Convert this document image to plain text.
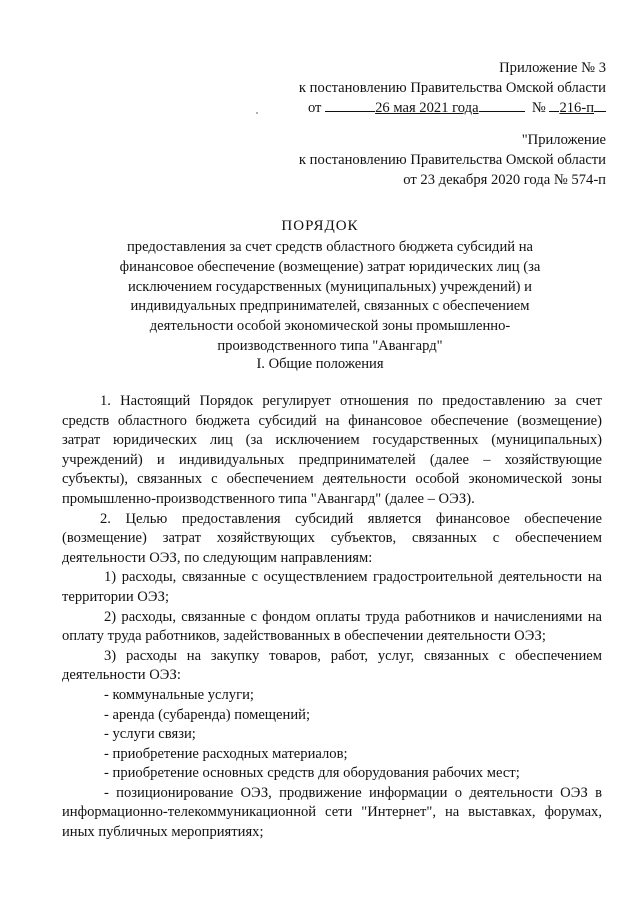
Приложение № 3
к постановлению Правительства Омской области
от	26 мая 2021 года	№ 216-п
"Приложение
к постановлению Правительства Омской области
от 23 декабря 2020 года № 574-п
ПОРЯДОК
предоставления за счет средств областного бюджета субсидий на финансовое обеспечение (возмещение) затрат юридических лиц (за исключением государственных (муниципальных) учреждений) и индивидуальных предпринимателей, связанных с обеспечением деятельности особой экономической зоны промышленно-производственного типа "Авангард"
I. Общие положения

1. Настоящий Порядок регулирует отношения по предоставлению за счет средств областного бюджета субсидий на финансовое обеспечение (возмещение) затрат юридических лиц (за исключением государственных (муниципальных) учреждений) и индивидуальных предпринимателей (далее – хозяйствующие субъекты), связанных с обеспечением деятельности особой экономической зоны промышленно-производственного типа "Авангард" (далее – ОЭЗ).

2. Целью предоставления субсидий является финансовое обеспечение (возмещение) затрат хозяйствующих субъектов, связанных с обеспечением деятельности ОЭЗ, по следующим направлениям:

1) расходы, связанные с осуществлением градостроительной деятельности на территории ОЭЗ;

2) расходы, связанные с фондом оплаты труда работников и начислениями на оплату труда работников, задействованных в обеспечении деятельности ОЭЗ;

3) расходы на закупку товаров, работ, услуг, связанных с обеспечением деятельности ОЭЗ:

- коммунальные услуги;

- аренда (субаренда) помещений;

- услуги связи;

- приобретение расходных материалов;

- приобретение основных средств для оборудования рабочих мест;

- позиционирование ОЭЗ, продвижение информации о деятельности ОЭЗ в информационно-телекоммуникационной сети "Интернет", на выставках, форумах, иных публичных мероприятиях;
